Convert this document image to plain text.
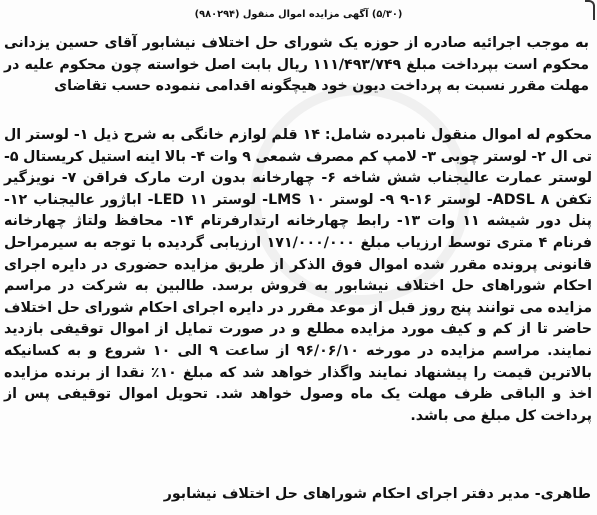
(۵/۳۰) آگهی مزایده اموال منقول (۹۸۰۲۹۴)
به موجب اجرائیه صادره از حوزه یک شورای حل اختلاف نیشابور آقای حسین یزدانی محکوم است بپرداخت مبلغ ۱۱۱/۴۹۳/۷۴۹ ریال بابت اصل خواسته چون محکوم علیه در مهلت مقرر نسبت به پرداخت دیون خود هیچگونه اقدامی ننموده حسب تقاضای
محکوم له اموال منقول نامبرده شامل: ۱۴ قلم لوازم خانگی به شرح ذیل ۱- لوستر ال تی ال ۲- لوستر چوبی ۳- لامپ کم مصرف شمعی ۹ وات ۴- بالا اینه استیل کریستال ۵- لوستر عمارت عالیجناب شش شاخه ۶- چهارخانه بدون ارت مارک فراقن ۷- نویزگیر تکفن ADSL ۸- لوستر ۱۶-۹ ۹- لوستر LMS ۱۰- لوستر LED ۱۱- اباژور عالیجناب ۱۲- پنل دور شیشه ۱۱ وات ۱۳- رابط چهارخانه ارتدارفرتام ۱۴- محافظ ولتاژ چهارخانه فرنام ۴ متری توسط ارزیاب مبلغ ۱۷۱/۰۰۰/۰۰۰ ارزیابی گردیده با توجه به سیرمراحل قانونی پرونده مقرر شده اموال فوق الذکر از طریق مزایده حضوری در دایره اجرای احکام شوراهای حل اختلاف نیشابور به فروش برسد. طالبین به شرکت در مراسم مزایده می توانند پنج روز قبل از موعد مقرر در دایره اجرای احکام شورای حل اختلاف حاضر تا از کم و کیف مورد مزایده مطلع و در صورت تمایل از اموال توقیفی بازدید نمایند. مراسم مزایده در مورخه ۹۶/۰۶/۱۰ از ساعت ۹ الی ۱۰ شروع و به کسانیکه بالاترین قیمت را پیشنهاد نمایند واگذار خواهد شد که مبلغ ۱۰٪ نقدا از برنده مزایده اخذ و الباقی ظرف مهلت یک ماه وصول خواهد شد. تحویل اموال توقیفی پس از پرداخت کل مبلغ می باشد.
طاهری- مدیر دفتر اجرای احکام شوراهای حل اختلاف نیشابور
